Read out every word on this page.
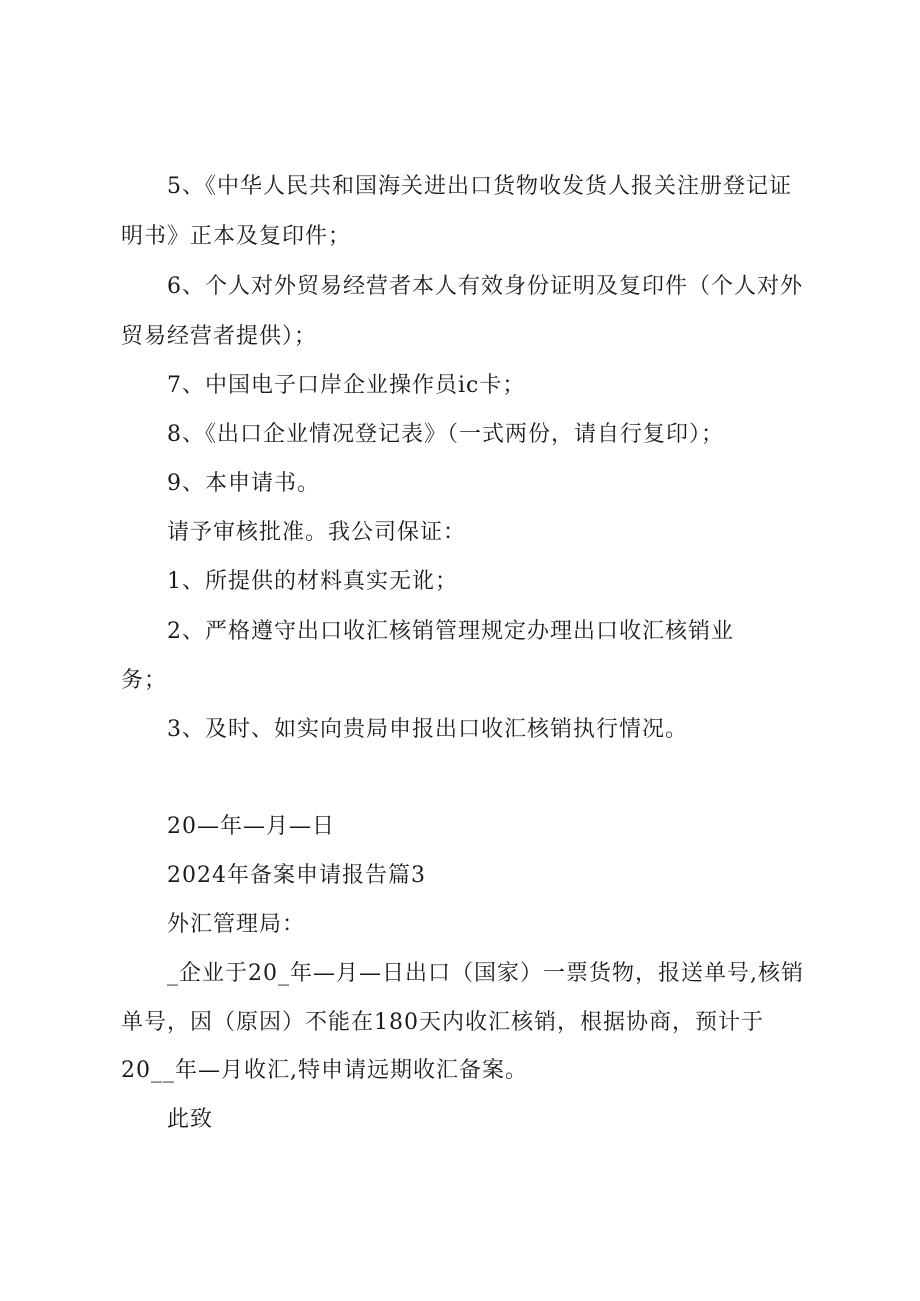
5、《中华人民共和国海关进出口货物收发货人报关注册登记证
明书》正本及复印件；
6、个人对外贸易经营者本人有效身份证明及复印件（个人对外
贸易经营者提供）；
7、中国电子口岸企业操作员ic卡；
8、《出口企业情况登记表》（一式两份，请自行复印）；
9、本申请书。
请予审核批准。我公司保证：
1、所提供的材料真实无讹；
2、严格遵守出口收汇核销管理规定办理出口收汇核销业
务；
3、及时、如实向贵局申报出口收汇核销执行情况。
20—年—月—日
2024年备案申请报告篇3
外汇管理局：
_企业于20_年—月—日出口（国家）一票货物，报送单号,核销
单号，因（原因）不能在180天内收汇核销，根据协商，预计于
20__年—月收汇,特申请远期收汇备案。
此致
